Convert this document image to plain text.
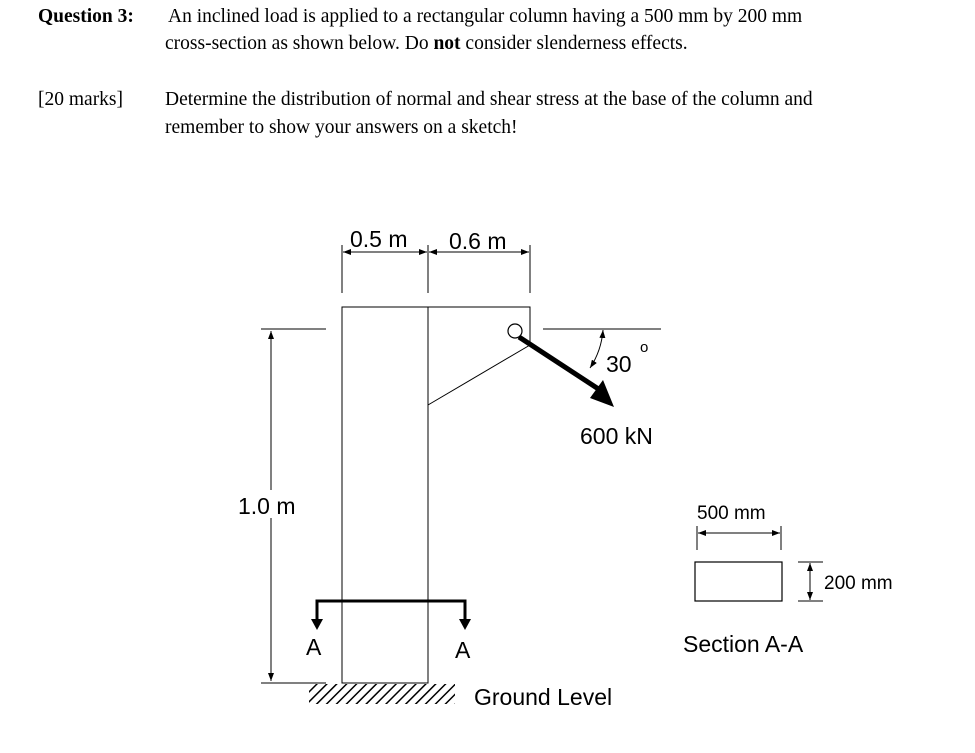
Question 3: An inclined load is applied to a rectangular column having a 500 mm by 200 mm
cross-section as shown below. Do not consider slenderness effects.
[20 marks] Determine the distribution of normal and shear stress at the base of the column and
remember to show your answers on a sketch!
0.5 m 0.6 m
30
o
600 kN
1.0 m
A	A
Ground Level
500 mm
200 mm
Section A-A
